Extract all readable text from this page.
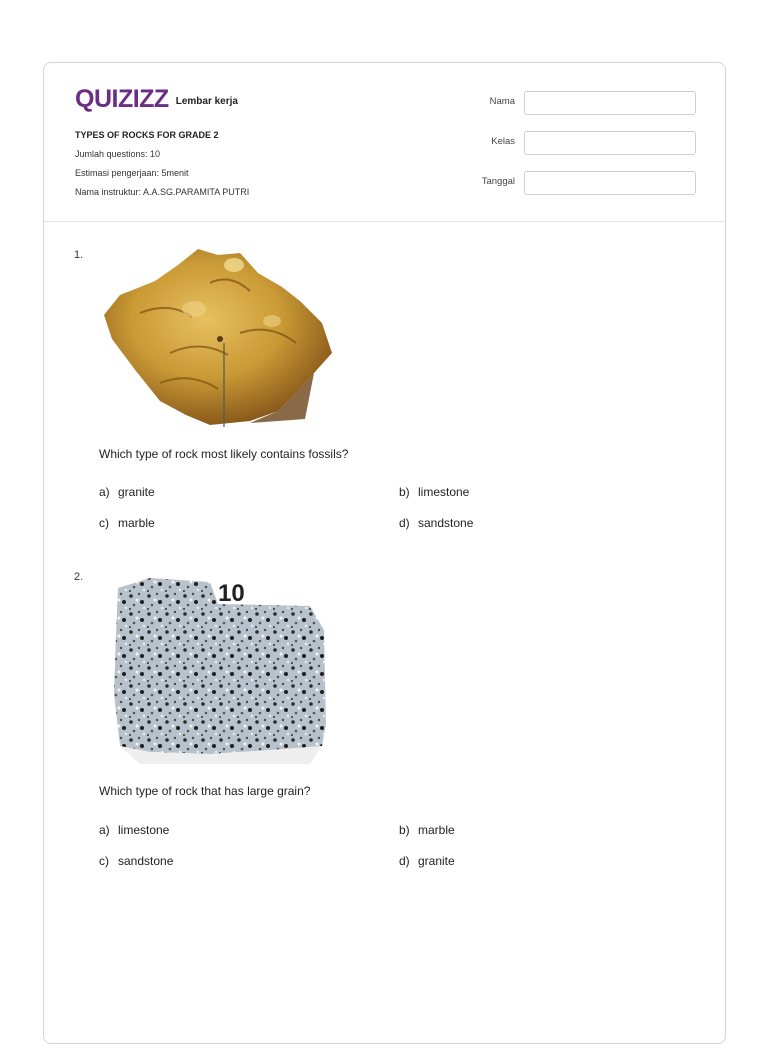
QUIZIZZ Lembar kerja
TYPES OF ROCKS FOR GRADE 2
Jumlah questions: 10
Estimasi pengerjaan: 5menit
Nama instruktur: A.A.SG.PARAMITA PUTRI
Nama
Kelas
Tanggal
1.
Which type of rock most likely contains fossils?
a) granite	b) limestone
c) marble	d) sandstone
2.
10
Which type of rock that has large grain?
a) limestone	b) marble
c) sandstone	d) granite
